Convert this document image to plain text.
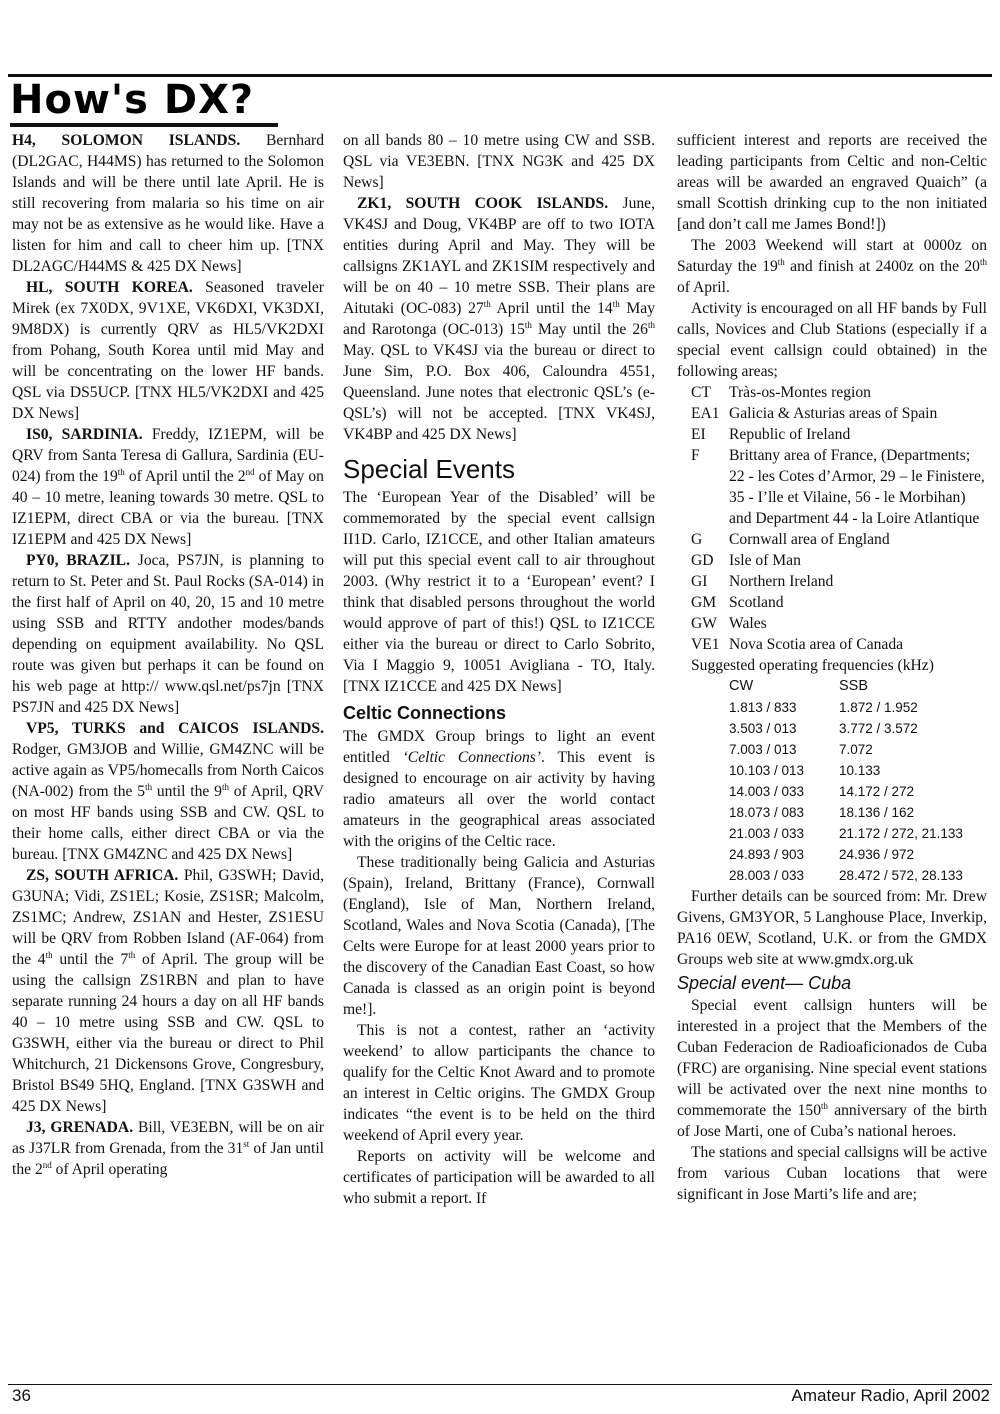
How's DX?

H4, SOLOMON ISLANDS. Bernhard (DL2GAC, H44MS) has returned to the Solomon Islands and will be there until late April. He is still recovering from malaria so his time on air may not be as extensive as he would like. Have a listen for him and call to cheer him up. [TNX DL2AGC/H44MS & 425 DX News]

HL, SOUTH KOREA. Seasoned traveler Mirek (ex 7X0DX, 9V1XE, VK6DXI, VK3DXI, 9M8DX) is currently QRV as HL5/VK2DXI from Pohang, South Korea until mid May and will be concentrating on the lower HF bands. QSL via DS5UCP. [TNX HL5/VK2DXI and 425 DX News]

IS0, SARDINIA. Freddy, IZ1EPM, will be QRV from Santa Teresa di Gallura, Sardinia (EU-024) from the 19th of April until the 2nd of May on 40 – 10 metre, leaning towards 30 metre. QSL to IZ1EPM, direct CBA or via the bureau. [TNX IZ1EPM and 425 DX News]

PY0, BRAZIL. Joca, PS7JN, is planning to return to St. Peter and St. Paul Rocks (SA-014) in the first half of April on 40, 20, 15 and 10 metre using SSB and RTTY andother modes/bands depending on equipment availability. No QSL route was given but perhaps it can be found on his web page at http:// www.qsl.net/ps7jn [TNX PS7JN and 425 DX News]

VP5, TURKS and CAICOS ISLANDS. Rodger, GM3JOB and Willie, GM4ZNC will be active again as VP5/homecalls from North Caicos (NA-002) from the 5th until the 9th of April, QRV on most HF bands using SSB and CW. QSL to their home calls, either direct CBA or via the bureau. [TNX GM4ZNC and 425 DX News]

ZS, SOUTH AFRICA. Phil, G3SWH; David, G3UNA; Vidi, ZS1EL; Kosie, ZS1SR; Malcolm, ZS1MC; Andrew, ZS1AN and Hester, ZS1ESU will be QRV from Robben Island (AF-064) from the 4th until the 7th of April. The group will be using the callsign ZS1RBN and plan to have separate running 24 hours a day on all HF bands 40 – 10 metre using SSB and CW. QSL to G3SWH, either via the bureau or direct to Phil Whitchurch, 21 Dickensons Grove, Congresbury, Bristol BS49 5HQ, England. [TNX G3SWH and 425 DX News]

J3, GRENADA. Bill, VE3EBN, will be on air as J37LR from Grenada, from the 31st of Jan until the 2nd of April operating

on all bands 80 – 10 metre using CW and SSB. QSL via VE3EBN. [TNX NG3K and 425 DX News]

ZK1, SOUTH COOK ISLANDS. June, VK4SJ and Doug, VK4BP are off to two IOTA entities during April and May. They will be callsigns ZK1AYL and ZK1SIM respectively and will be on 40 – 10 metre SSB. Their plans are Aitutaki (OC-083) 27th April until the 14th May and Rarotonga (OC-013) 15th May until the 26th May. QSL to VK4SJ via the bureau or direct to June Sim, P.O. Box 406, Caloundra 4551, Queensland. June notes that electronic QSL’s (e-QSL’s) will not be accepted. [TNX VK4SJ, VK4BP and 425 DX News]

Special Events

The ‘European Year of the Disabled’ will be commemorated by the special event callsign II1D. Carlo, IZ1CCE, and other Italian amateurs will put this special event call to air throughout 2003. (Why restrict it to a ‘European’ event? I think that disabled persons throughout the world would approve of part of this!) QSL to IZ1CCE either via the bureau or direct to Carlo Sobrito, Via I Maggio 9, 10051 Avigliana - TO, Italy. [TNX IZ1CCE and 425 DX News]

Celtic Connections

The GMDX Group brings to light an event entitled ‘Celtic Connections’. This event is designed to encourage on air activity by having radio amateurs all over the world contact amateurs in the geographical areas associated with the origins of the Celtic race.

These traditionally being Galicia and Asturias (Spain), Ireland, Brittany (France), Cornwall (England), Isle of Man, Northern Ireland, Scotland, Wales and Nova Scotia (Canada), [The Celts were Europe for at least 2000 years prior to the discovery of the Canadian East Coast, so how Canada is classed as an origin point is beyond me!].

This is not a contest, rather an ‘activity weekend’ to allow participants the chance to qualify for the Celtic Knot Award and to promote an interest in Celtic origins. The GMDX Group indicates “the event is to be held on the third weekend of April every year.

Reports on activity will be welcome and certificates of participation will be awarded to all who submit a report. If

sufficient interest and reports are received the leading participants from Celtic and non-Celtic areas will be awarded an engraved Quaich” (a small Scottish drinking cup to the non initiated [and don’t call me James Bond!])

The 2003 Weekend will start at 0000z on Saturday the 19th and finish at 2400z on the 20th of April.

Activity is encouraged on all HF bands by Full calls, Novices and Club Stations (especially if a special event callsign could obtained) in the following areas;

CT	Tràs-os-Montes region
EA1 Galicia & Asturias areas of Spain
EI	Republic of Ireland
F	Brittany area of France, (Departments; 22 - les Cotes d’Armor, 29 – le Finistere, 35 - I’lle et Vilaine, 56 - le Morbihan) and Department 44 - la Loire Atlantique
G	Cornwall area of England
GD Isle of Man
GI	Northern Ireland
GM Scotland
GW Wales
VE1 Nova Scotia area of Canada
Suggested operating frequencies (kHz)
CW	SSB
1.813 / 833	1.872 / 1.952
3.503 / 013	3.772 / 3.572
7.003 / 013	7.072
10.103 / 013	10.133
14.003 / 033	14.172 / 272
18.073 / 083	18.136 / 162
21.003 / 033	21.172 / 272, 21.133
24.893 / 903	24.936 / 972
28.003 / 033	28.472 / 572, 28.133

Further details can be sourced from: Mr. Drew Givens, GM3YOR, 5 Langhouse Place, Inverkip, PA16 0EW, Scotland, U.K. or from the GMDX Groups web site at www.gmdx.org.uk

Special event— Cuba

Special event callsign hunters will be interested in a project that the Members of the Cuban Federacion de Radioaficionados de Cuba (FRC) are organising. Nine special event stations will be activated over the next nine months to commemorate the 150th anniversary of the birth of Jose Marti, one of Cuba’s national heroes.

The stations and special callsigns will be active from various Cuban locations that were significant in Jose Marti’s life and are;

36	Amateur Radio, April 2002
